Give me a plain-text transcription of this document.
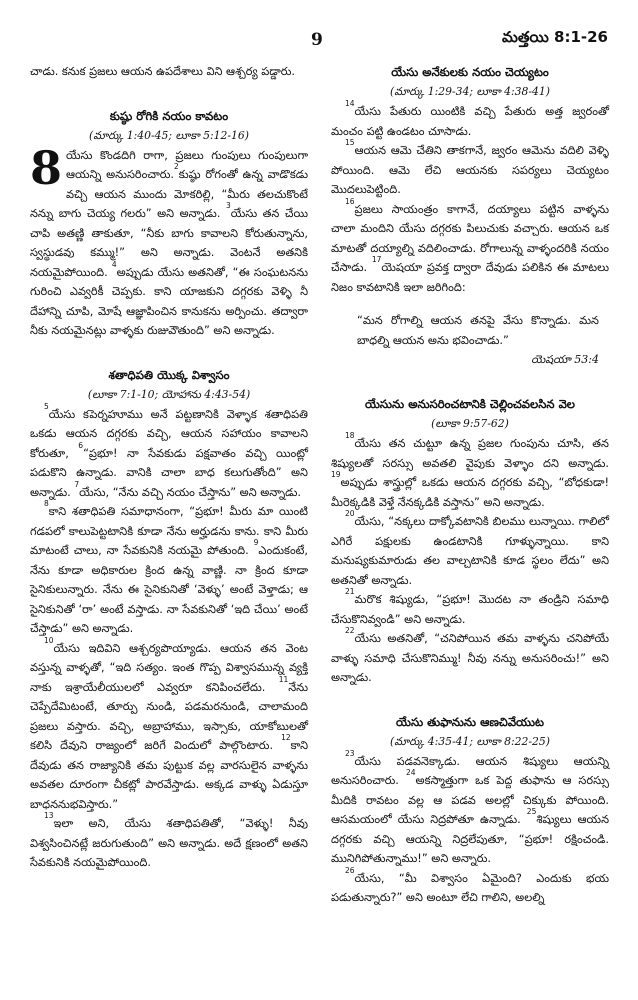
9	మత్తయి 8:1-26

చాడు. కనుక ప్రజలు ఆయన ఉపదేశాలు విని ఆశ్చర్య పడ్డారు.

కుష్ఠు రోగికి నయం కావటం
(మార్కు 1:40-45; లూకా 5:12-16)

8 యేసు కొండదిగి రాగా, ప్రజలు గుంపులు గుంపులుగా ఆయన్ని అనుసరించారు.$^2$కుష్ఠు రోగంతో ఉన్న వాడొకడు వచ్చి ఆయన ముందు మోకరిల్లి, “మీరు తలచుకొంటే నన్ను బాగు చెయ్య గలరు” అని అన్నాడు. $^3$యేసు తన చేయి చాపి అతణ్ణి తాకుతూ, “నీకు బాగు కావాలని కోరుతున్నాను, స్వస్థుడవు కమ్ము!” అని అన్నాడు. వెంటనే అతనికి నయమైపోయింది. $^4$అప్పుడు యేసు అతనితో, “ఈ సంఘటనను గురించి ఎవ్వరికీ చెప్పకు. కాని యాజకుని దగ్గరకు వెళ్ళి నీ దేహాన్ని చూపి, మోషే ఆజ్ఞాపించిన కానుకను అర్పించు. తద్వారా నీకు నయమైనట్లు వాళ్ళకు రుజువౌతుంది” అని అన్నాడు.

శతాధిపతి యొక్క విశ్వాసం
(లూకా 7:1-10; యోహాను 4:43-54)

$^5$యేసు కపెర్నహూము అనే పట్టణానికి వెళ్ళాక శతాధిపతి ఒకడు ఆయన దగ్గరకు వచ్చి, ఆయన సహాయం కావాలని కోరుతూ, $^6$“ప్రభూ! నా సేవకుడు పక్షవాతం వచ్చి యింట్లో పడుకొని ఉన్నాడు. వానికి చాలా బాధ కలుగుతోంది” అని అన్నాడు. $^7$యేసు, “నేను వచ్చి నయం చేస్తాను” అని అన్నాడు.

$^8$కాని శతాధిపతి సమాధానంగా, “ప్రభూ! మీరు మా యింటి గడపలో కాలుపెట్టటానికి కూడా నేను అర్హుడను కాను. కాని మీరు మాటంటే చాలు, నా సేవకునికి నయమై పోతుంది. $^9$ఎందుకంటే, నేను కూడా అధికారుల క్రింద ఉన్న వాణ్ణి. నా క్రింద కూడా సైనికులున్నారు. నేను ఈ సైనికునితో ‘వెళ్ళు’ అంటే వెళ్తాడు; ఆ సైనికునితో ‘రా’ అంటే వస్తాడు. నా సేవకునితో ‘ఇది చేయి’ అంటే చేస్తాడు” అని అన్నాడు.

$^{10}$యేసు ఇదివిని ఆశ్చర్యపొయ్యాడు. ఆయన తన వెంట వస్తున్న వాళ్ళతో, “ఇది సత్యం. ఇంత గొప్ప విశ్వాసమున్న వ్యక్తి నాకు ఇశ్రాయేలీయులలో ఎవ్వరూ కనిపించలేదు. $^{11}$నేను చెప్పేదేమిటంటే, తూర్పు నుండి, పడమరనుండి, చాలామంది ప్రజలు వస్తారు. వచ్చి, అబ్రాహాము, ఇస్సాకు, యాకోబులతో కలిసి దేవుని రాజ్యంలో జరిగే విందులో పాల్గొంటారు. $^{12}$కాని దేవుడు తన రాజ్యానికి తమ పుట్టుక వల్ల వారసులైన వాళ్ళను అవతల దూరంగా చీకట్లో పారవేస్తాడు. అక్కడ వాళ్ళు ఏడుస్తూ బాధననుభవిస్తారు.”

$^{13}$ఇలా అని, యేసు శతాధిపతితో, “వెళ్ళు! నీవు విశ్వసించినట్లే జరుగుతుంది” అని అన్నాడు. అదే క్షణంలో అతని సేవకునికి నయమైపోయింది.

యేసు అనేకులకు నయం చెయ్యటం
(మార్కు 1:29-34; లూకా 4:38-41)

$^{14}$యేసు పేతురు యింటికి వచ్చి పేతురు అత్త జ్వరంతో మంచం పట్టి ఉండటం చూసాడు.

$^{15}$ఆయన ఆమె చేతిని తాకగానే, జ్వరం ఆమెను వదిలి వెళ్ళి పోయింది. ఆమె లేచి ఆయనకు సపర్యలు చెయ్యటం మొదలుపెట్టింది.

$^{16}$ప్రజలు సాయంత్రం కాగానే, దయ్యాలు పట్టిన వాళ్ళను చాలా మందిని యేసు దగ్గరకు పిలుచుకు వచ్చారు. ఆయన ఒక మాటతో దయ్యాల్ని వదిలించాడు. రోగాలున్న వాళ్ళందరికి నయం చేసాడు. $^{17}$యెషయా ప్రవక్త ద్వారా దేవుడు పలికిన ఈ మాటలు నిజం కావటానికి ఇలా జరిగింది:

“మన రోగాల్ని ఆయన తనపై వేసు కొన్నాడు. మన బాధల్ని ఆయన అను భవించాడు.”

యెషయా 53:4
యేసును అనుసరించటానికి చెల్లించవలసిన వెల
(లూకా 9:57-62)

$^{18}$యేసు తన చుట్టూ ఉన్న ప్రజల గుంపును చూసి, తన శిష్యులతో సరస్సు అవతలి వైపుకు వెళ్ళాం దని అన్నాడు. $^{19}$అప్పుడు శాస్త్రుల్లో ఒకడు ఆయన దగ్గరకు వచ్చి, “బోధకుడా! మీరెక్కడికి వెళ్తే నేనక్కడికి వస్తాను” అని అన్నాడు.

$^{20}$యేసు, “నక్కలు దాక్కోవటానికి బిలము లున్నాయి. గాలిలో ఎగిరే పక్షులకు ఉండటానికి గూళ్ళున్నాయి. కాని మనుష్యకుమారుడు తల వాల్చటానికి కూడ స్థలం లేదు” అని అతనితో అన్నాడు.

$^{21}$మరొక శిష్యుడు, “ప్రభూ! మొదట నా తండ్రిని సమాధి చేసుకొనివ్వండి” అని అన్నాడు.

$^{22}$యేసు అతనితో, “చనిపోయిన తమ వాళ్ళను చనిపోయే వాళ్ళు సమాధి చేసుకొనిమ్ము! నీవు నన్ను అనుసరించు!” అని అన్నాడు.

యేసు తుఫానును ఆణచివేయుట
(మార్కు 4:35-41; లూకా 8:22-25)

$^{23}$యేసు పడవనెక్కాడు. ఆయన శిష్యులు ఆయన్ని అనుసరించారు. $^{24}$అకస్మాత్తుగా ఒక పెద్ద తుఫాను ఆ సరస్సు మీదికి రావటం వల్ల ఆ పడవ అలల్లో చిక్కుకు పోయింది. ఆసమయంలో యేసు నిద్రపోతూ ఉన్నాడు. $^{25}$శిష్యులు ఆయన దగ్గరకు వచ్చి ఆయన్ని నిద్రలేపుతూ, “ప్రభూ! రక్షించండి. మునిగిపోతున్నాము!” అని అన్నారు.

$^{26}$యేసు, “మీ విశ్వాసం ఏమైంది? ఎందుకు భయ పడుతున్నారు?” అని అంటూ లేచి గాలిని, అలల్ని
